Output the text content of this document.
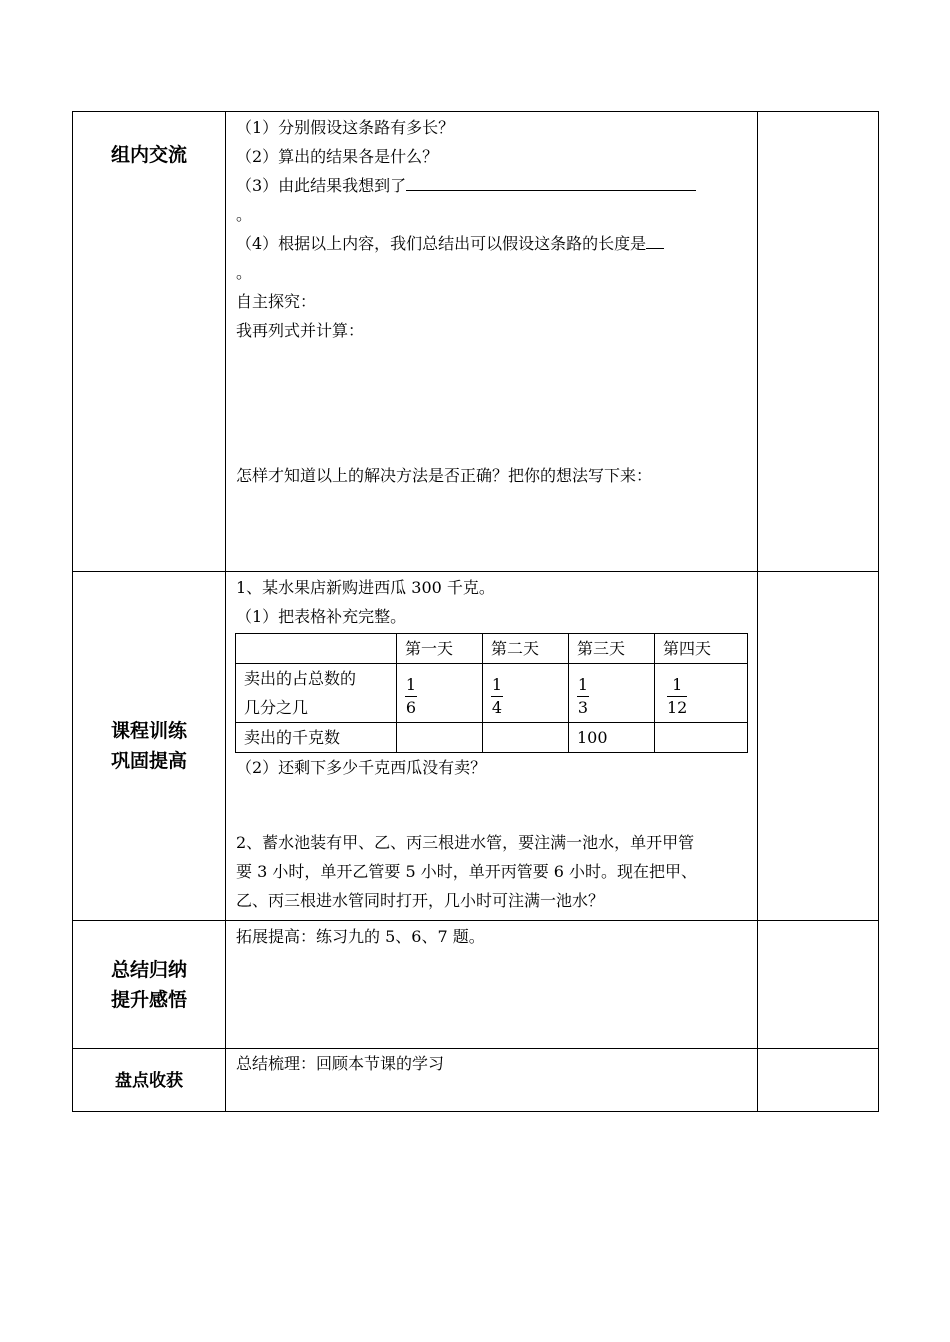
组内交流

（1）分别假设这条路有多长？

（2）算出的结果各是什么？

（3）由此结果我想到了

。

（4）根据以上内容，我们总结出可以假设这条路的长度是

。

自主探究：

我再列式并计算：

怎样才知道以上的解决方法是否正确？把你的想法写下来：

课程训练
巩固提高

1、某水果店新购进西瓜 300 千克。

（1）把表格补充完整。

	第一天	第二天	第三天	第四天

卖出的占总数的
几分之几	$\frac{1}{6}$	$\frac{1}{4}$	$\frac{1}{3}$	$\frac{1}{12}$

卖出的千克数			100	

（2）还剩下多少千克西瓜没有卖？

2、蓄水池装有甲、乙、丙三根进水管，要注满一池水，单开甲管

要 3 小时，单开乙管要 5 小时，单开丙管要 6 小时。现在把甲、

乙、丙三根进水管同时打开，几小时可注满一池水？

总结归纳
提升感悟

拓展提高：练习九的 5、6、7 题。

盘点收获

总结梳理：回顾本节课的学习
